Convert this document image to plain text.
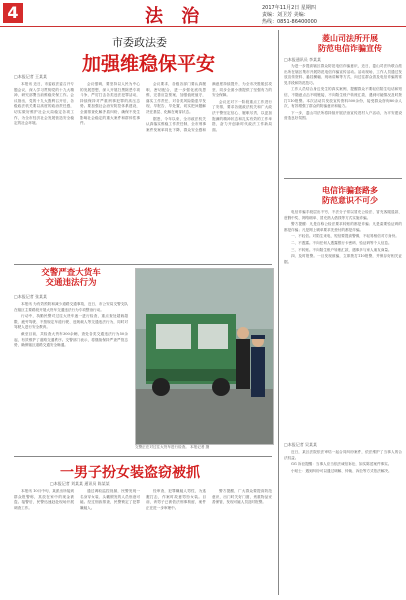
4	法 治	2017年11月2日 星期四
责编：刘卫芳 美编：
热线：0851-86400000
市委政法委
加强维稳保平安
□本报记者 王某某

本报讯 近日，市委政法委召开专题会议，深入学习贯彻党的十九大精神，研究部署当前维稳安保工作。会议指出，党的十九大胜利召开后，各级政法机关要以高度的政治责任感，切实做好维护社会大局稳定各项工作，为全市经济社会发展营造安全稳定的社会环境。

会议强调，要坚持以人民为中心的发展思想，深入开展扫黑除恶专项斗争，严厉打击各类违法犯罪活动，持续保持对严重刑事犯罪的高压态势。要加强社会治安防控体系建设，全面排查化解矛盾纠纷，确保不发生影响社会稳定的重大案件和群体性事件。

会议要求，各级各部门要认真履职、密切配合，进一步强化底线思维，完善应急预案，加强值班值守，落实工作责任，对各类风险隐患早发现、早报告、早处置，切实把问题解决在基层、化解在萌芽状态。

据悉，今年以来，全市政法机关认真落实维稳工作责任制，全市刑事案件发案率同比下降，群众安全感和满意度持续提升，为全市决胜脱贫攻坚、同步全面小康提供了坚强有力的安全保障。

会议还对下一阶段重点工作进行了安排，要求各级政法机关和广大政法干警坚定信心、履职尽责，以更加饱满的精神状态和扎实有效的工作举措，奋力开创新时代政法工作新局面。

菱山司法所开展
防范电信诈骗宣传
□本报通讯员 李某某

为进一步提高辖区群众防范电信诈骗意识，近日，菱山司法所联合派出所在辖区集市开展防范电信诈骗宣传活动。活动现场，工作人员通过发放宣传资料、悬挂横幅、现场讲解等方式，向过往群众普及电信诈骗的常见手段和防范技巧。

工作人员结合身边发生的真实案例，提醒群众不要轻信陌生电话和短信，不随意点击不明链接，不向陌生账户转账汇款，遇到可疑情况及时拨打110报警。本次活动共发放宣传资料500余份，接受群众咨询80余人次，有效增强了群众的防骗意识和能力。

下一步，菱山司法所将持续开展法治宣传进村入户活动，为平安建设营造良好氛围。

电信诈骗套路多
防范意识不可少

电信诈骗手段层出不穷，不法分子常以冒充公检法、冒充客服退款、虚假中奖、网络刷单、冒充熟人借钱等方式实施诈骗。

警方提醒：凡是自称公检法要求转账的都是诈骗；凡是索要验证码的都是诈骗；凡是网上刷单要求先垫付的都是诈骗。

一、不轻信。对陌生来电、短信要提高警惕，不轻易相信对方身份。

二、不透露。不向任何人透露银行卡密码、验证码等个人信息。

三、不转账。不向陌生账户转账汇款，遇事多与家人朋友商量。

四、及时报警。一旦发现被骗，立即拨打110报警，并保存好相关证据。

交警严查大货车
交通违法行为
□本报记者 张某某

本报讯 为有效预防和减少道路交通事故，近日，市公安局交警支队在辖区主要路段开展大货车交通违法行为专项整治行动。

行动中，执勤民警对过往大货车逐一进行检查，重点查处超载超限、疲劳驾驶、不按规定车道行驶、违规载人等交通违法行为，同时对驾驶人进行安全教育。

截至目前，共检查大货车300余辆，查处各类交通违法行为50余起，有效维护了道路交通秩序。交警部门表示，将继续保持严查严管态势，确保辖区道路交通安全畅通。

交警正在对过往大货车进行检查。 本报记者 摄
一男子扮女装盗窃被抓
□本报记者 刘某某 通讯员 陈某某

本报讯 10月中旬，某派出所接到群众报警称，其放在家中的现金被盗。接警后，民警迅速赶赴现场开展调查工作。

通过调取监控视频，民警发现一名身穿女装、头戴假发的人员形迹可疑。经过细致排查，民警锁定了犯罪嫌疑人。

经审查，犯罪嫌疑人男性，为逃避打击，作案时故意男扮女装。目前，该男子已被依法刑事拘留，案件正在进一步审理中。

警方提醒，广大群众要提高防范意识，出门时关好门窗，贵重物品妥善保管，发现可疑人员及时报警。

□本报记者 吴某某

近日，某区法院依法审结一起合同纠纷案件，依法维护了当事人的合法权益。

GG 诉讼提醒：当事人应当依法诚信诉讼，如实陈述案件事实。

小贴士：遇到纠纷可以通过调解、仲裁、诉讼等方式依法解决。
